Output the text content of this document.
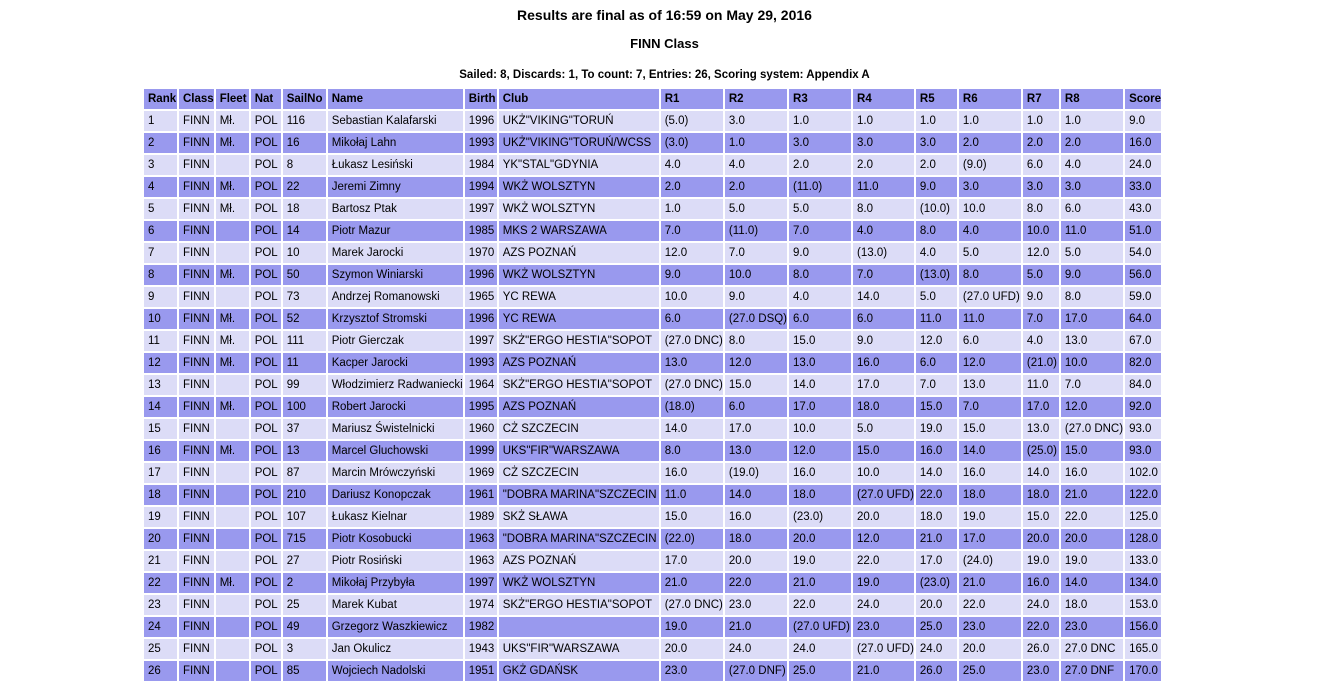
Results are final as of 16:59 on May 29, 2016
FINN Class
Sailed: 8, Discards: 1, To count: 7, Entries: 26, Scoring system: Appendix A
Rank	Class	Fleet	Nat	SailNo	Name	Birth	Club	R1	R2	R3	R4	R5	R6	R7	R8	Score
1	FINN	Mł.	POL	116	Sebastian Kalafarski	1996	UKŻ"VIKING"TORUŃ	(5.0)	3.0	1.0	1.0	1.0	1.0	1.0	1.0	9.0
2	FINN	Mł.	POL	16	Mikołaj Lahn	1993	UKŻ"VIKING"TORUŃ/WCSS	(3.0)	1.0	3.0	3.0	3.0	2.0	2.0	2.0	16.0
3	FINN		POL	8	Łukasz Lesiński	1984	YK"STAL"GDYNIA	4.0	4.0	2.0	2.0	2.0	(9.0)	6.0	4.0	24.0
4	FINN	Mł.	POL	22	Jeremi Zimny	1994	WKŻ WOLSZTYN	2.0	2.0	(11.0)	11.0	9.0	3.0	3.0	3.0	33.0
5	FINN	Mł.	POL	18	Bartosz Ptak	1997	WKŻ WOLSZTYN	1.0	5.0	5.0	8.0	(10.0)	10.0	8.0	6.0	43.0
6	FINN		POL	14	Piotr Mazur	1985	MKS 2 WARSZAWA	7.0	(11.0)	7.0	4.0	8.0	4.0	10.0	11.0	51.0
7	FINN		POL	10	Marek Jarocki	1970	AZS POZNAŃ	12.0	7.0	9.0	(13.0)	4.0	5.0	12.0	5.0	54.0
8	FINN	Mł.	POL	50	Szymon Winiarski	1996	WKŻ WOLSZTYN	9.0	10.0	8.0	7.0	(13.0)	8.0	5.0	9.0	56.0
9	FINN		POL	73	Andrzej Romanowski	1965	YC REWA	10.0	9.0	4.0	14.0	5.0	(27.0 UFD)	9.0	8.0	59.0
10	FINN	Mł.	POL	52	Krzysztof Stromski	1996	YC REWA	6.0	(27.0 DSQ)	6.0	6.0	11.0	11.0	7.0	17.0	64.0
11	FINN	Mł.	POL	111	Piotr Gierczak	1997	SKŻ"ERGO HESTIA"SOPOT	(27.0 DNC)	8.0	15.0	9.0	12.0	6.0	4.0	13.0	67.0
12	FINN	Mł.	POL	11	Kacper Jarocki	1993	AZS POZNAŃ	13.0	12.0	13.0	16.0	6.0	12.0	(21.0)	10.0	82.0
13	FINN		POL	99	Włodzimierz Radwaniecki	1964	SKŻ"ERGO HESTIA"SOPOT	(27.0 DNC)	15.0	14.0	17.0	7.0	13.0	11.0	7.0	84.0
14	FINN	Mł.	POL	100	Robert Jarocki	1995	AZS POZNAŃ	(18.0)	6.0	17.0	18.0	15.0	7.0	17.0	12.0	92.0
15	FINN		POL	37	Mariusz Świstelnicki	1960	CŻ SZCZECIN	14.0	17.0	10.0	5.0	19.0	15.0	13.0	(27.0 DNC)	93.0
16	FINN	Mł.	POL	13	Marcel Gluchowski	1999	UKS"FIR"WARSZAWA	8.0	13.0	12.0	15.0	16.0	14.0	(25.0)	15.0	93.0
17	FINN		POL	87	Marcin Mrówczyński	1969	CŻ SZCZECIN	16.0	(19.0)	16.0	10.0	14.0	16.0	14.0	16.0	102.0
18	FINN		POL	210	Dariusz Konopczak	1961	"DOBRA MARINA"SZCZECIN	11.0	14.0	18.0	(27.0 UFD)	22.0	18.0	18.0	21.0	122.0
19	FINN		POL	107	Łukasz Kielnar	1989	SKŻ SŁAWA	15.0	16.0	(23.0)	20.0	18.0	19.0	15.0	22.0	125.0
20	FINN		POL	715	Piotr Kosobucki	1963	"DOBRA MARINA"SZCZECIN	(22.0)	18.0	20.0	12.0	21.0	17.0	20.0	20.0	128.0
21	FINN		POL	27	Piotr Rosiński	1963	AZS POZNAŃ	17.0	20.0	19.0	22.0	17.0	(24.0)	19.0	19.0	133.0
22	FINN	Mł.	POL	2	Mikołaj Przybyła	1997	WKŻ WOLSZTYN	21.0	22.0	21.0	19.0	(23.0)	21.0	16.0	14.0	134.0
23	FINN		POL	25	Marek Kubat	1974	SKŻ"ERGO HESTIA"SOPOT	(27.0 DNC)	23.0	22.0	24.0	20.0	22.0	24.0	18.0	153.0
24	FINN		POL	49	Grzegorz Waszkiewicz	1982		19.0	21.0	(27.0 UFD)	23.0	25.0	23.0	22.0	23.0	156.0
25	FINN		POL	3	Jan Okulicz	1943	UKS"FIR"WARSZAWA	20.0	24.0	24.0	(27.0 UFD)	24.0	20.0	26.0	27.0 DNC	165.0
26	FINN		POL	85	Wojciech Nadolski	1951	GKŻ GDAŃSK	23.0	(27.0 DNF)	25.0	21.0	26.0	25.0	23.0	27.0 DNF	170.0
